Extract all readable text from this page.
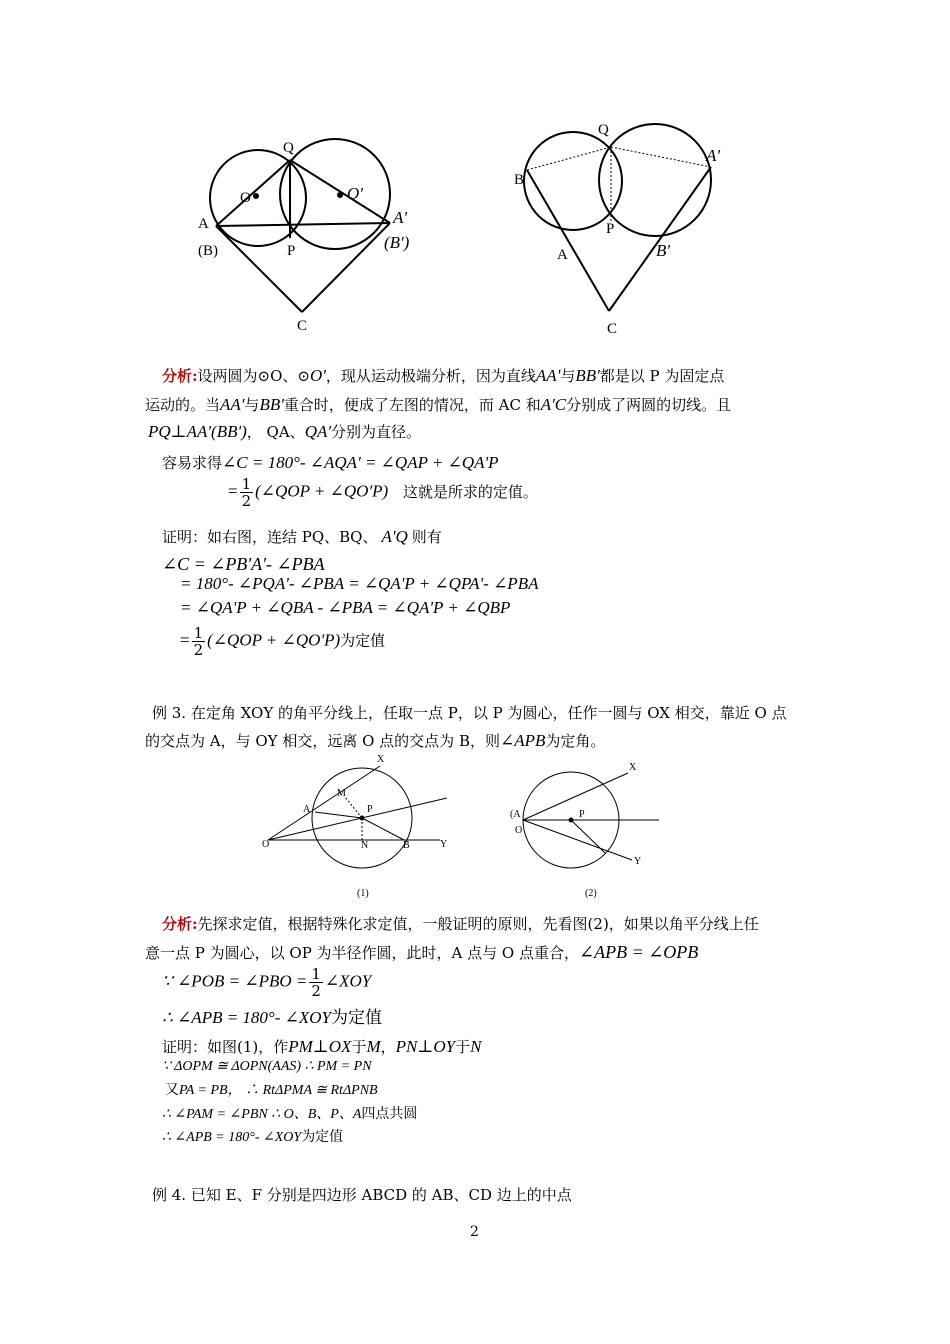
Q
O	O'
A	A'
(B)	(B')
P
C
Q
A'
B
P
A	B'
C
分析:设两圆为⊙O、⊙O'，现从运动极端分析，因为直线AA'与BB'都是以 P 为固定点
运动的。当AA'与BB'重合时，便成了左图的情况，而 AC 和A'C分别成了两圆的切线。且
PQ⊥AA'(BB')， QA、QA'分别为直径。
容易求得∠C = 180°- ∠AQA' = ∠QAP + ∠QA'P
= $\frac{1}{2}$ (∠QOP + ∠QO'P) 这就是所求的定值。
证明：如右图，连结 PQ、BQ、 A'Q 则有
∠C = ∠PB'A'- ∠PBA
= 180°- ∠PQA'- ∠PBA = ∠QA'P + ∠QPA'- ∠PBA
= ∠QA'P + ∠QBA - ∠PBA = ∠QA'P + ∠QBP
= $\frac{1}{2}$ (∠QOP + ∠QO'P)为定值
例 3. 在定角 XOY 的角平分线上，任取一点 P，以 P 为圆心，任作一圆与 OX 相交，靠近 O 点
的交点为 A，与 OY 相交，远离 O 点的交点为 B，则∠APB为定角。
X
M
A	P
O	N	B	Y
(1)
X
(A
O
P
Y
(2)
分析:先探求定值，根据特殊化求定值，一般证明的原则，先看图(2)，如果以角平分线上任
意一点 P 为圆心，以 OP 为半径作圆，此时，A 点与 O 点重合，∠APB = ∠OPB
∵ ∠POB = ∠PBO = $\frac{1}{2}$ ∠XOY
∴ ∠APB = 180°- ∠XOY为定值
证明：如图(1)，作PM⊥OX于M，PN⊥OY于N
∵ ΔOPM ≅ ΔOPN(AAS) ∴ PM = PN
又PA = PB， ∴ RtΔPMA ≅ RtΔPNB
∴ ∠PAM = ∠PBN ∴ O、B、P、A四点共圆
∴ ∠APB = 180°- ∠XOY为定值
例 4. 已知 E、F 分别是四边形 ABCD 的 AB、CD 边上的中点
2
